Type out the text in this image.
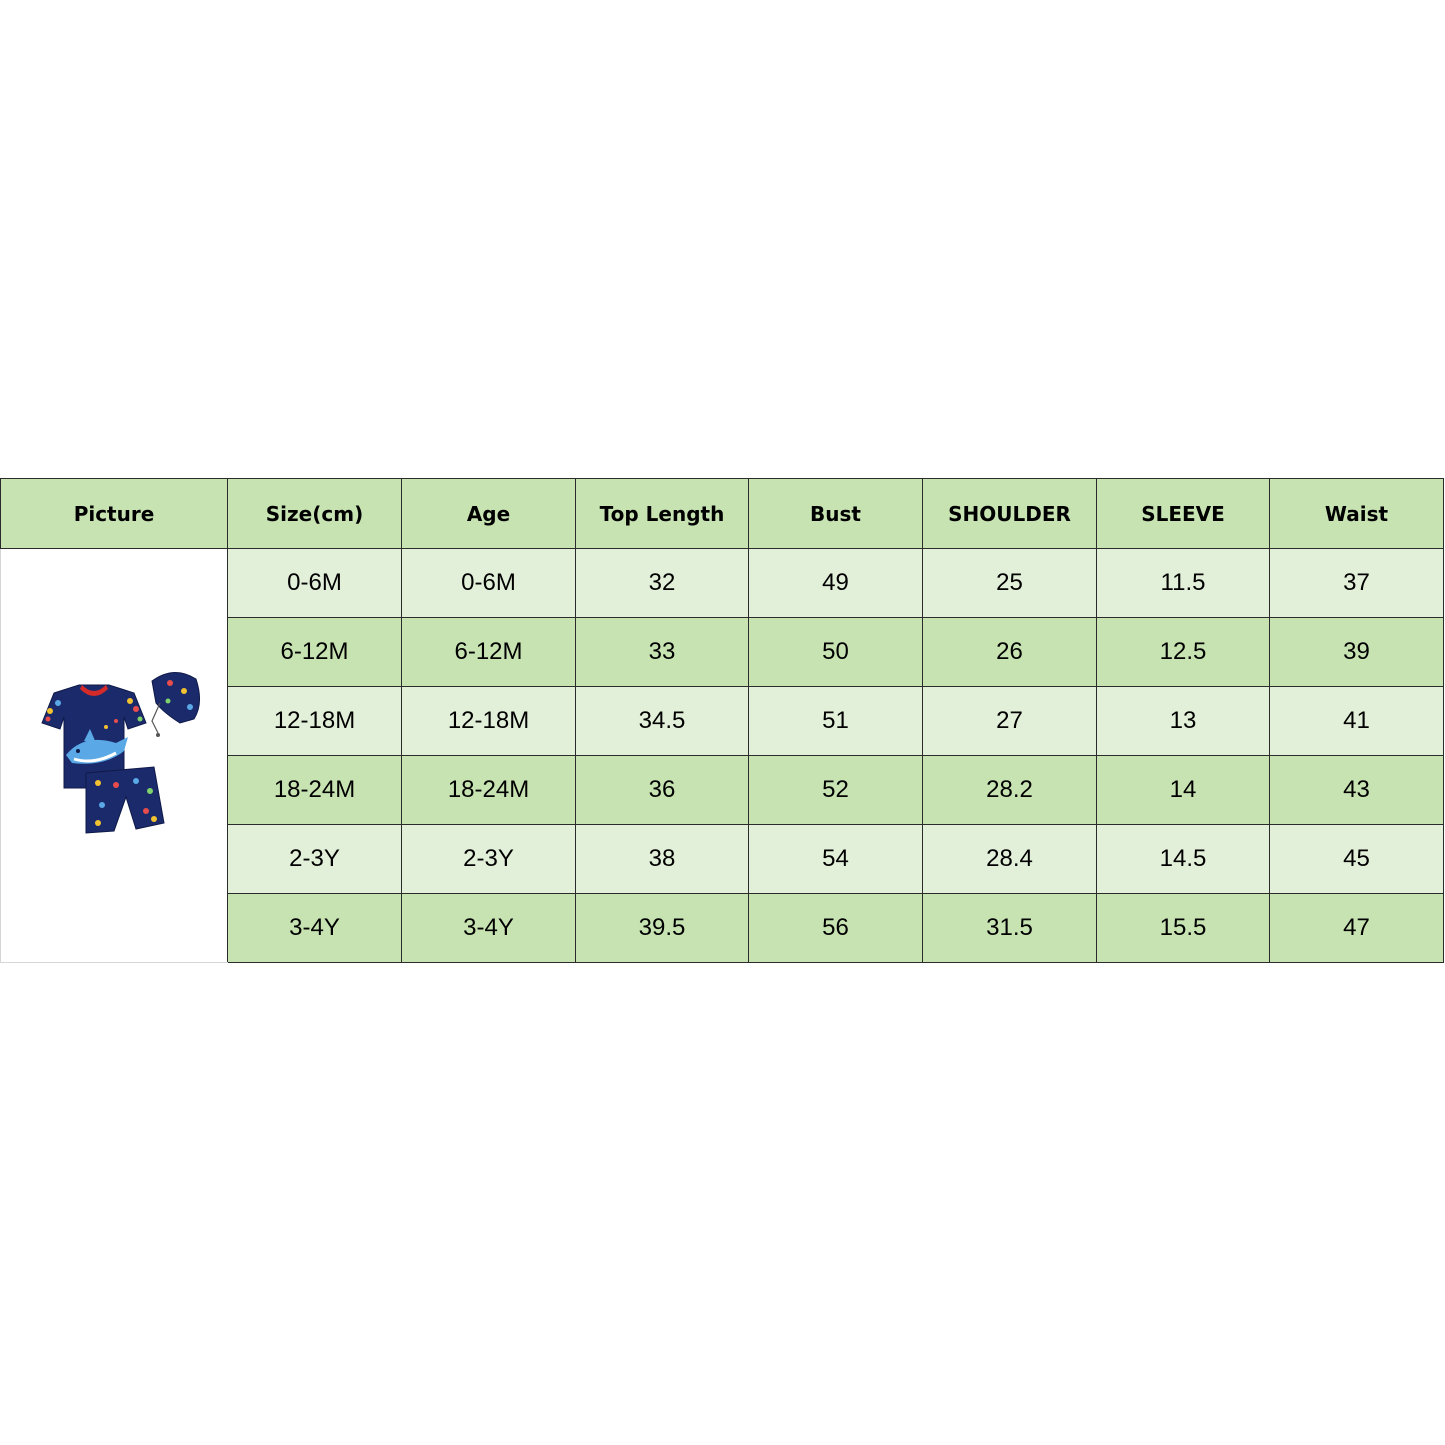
Picture	Size(cm)	Age	Top Length	Bust	SHOULDER	SLEEVE	Waist

	0-6M	0-6M	32	49	25	11.5	37
	6-12M	6-12M	33	50	26	12.5	39
	12-18M	12-18M	34.5	51	27	13	41
	18-24M	18-24M	36	52	28.2	14	43
	2-3Y	2-3Y	38	54	28.4	14.5	45
	3-4Y	3-4Y	39.5	56	31.5	15.5	47
